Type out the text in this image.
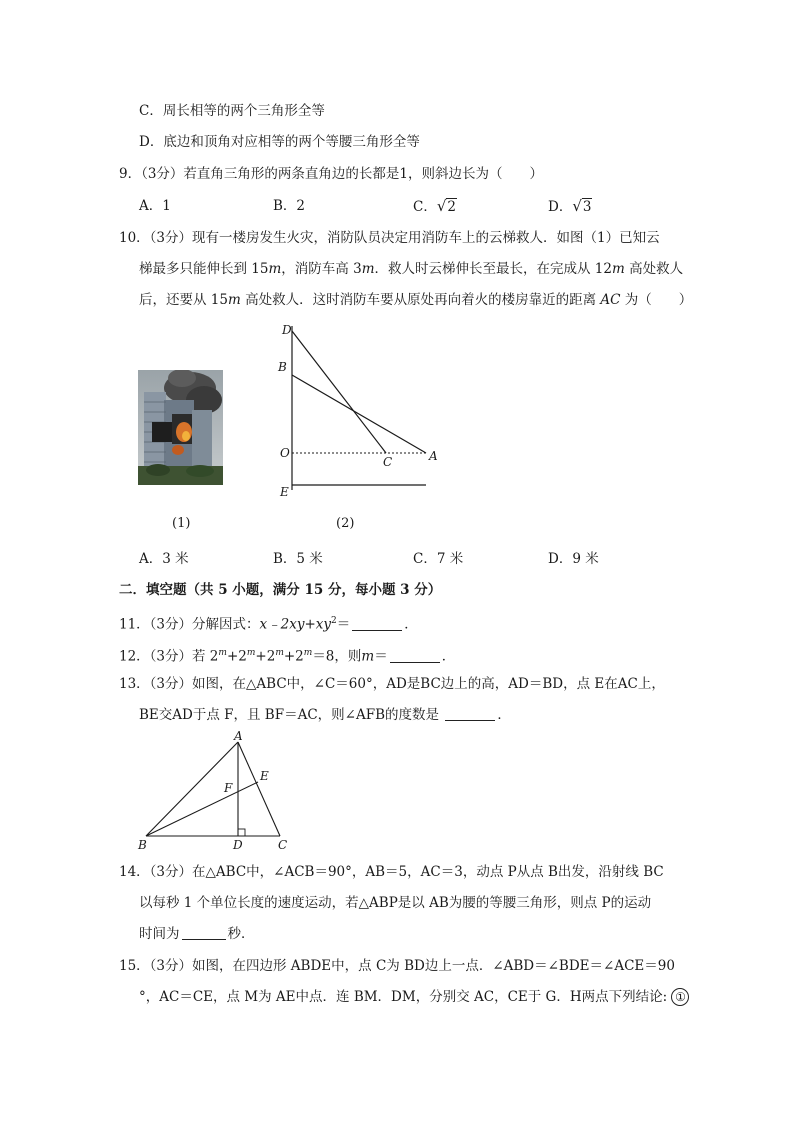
C．周长相等的两个三角形全等
D．底边和顶角对应相等的两个等腰三角形全等
9．（3分）若直角三角形的两条直角边的长都是1，则斜边长为（　　）
A．1	B．2	C．√2	D．√3
10．（3分）现有一楼房发生火灾，消防队员决定用消防车上的云梯救人．如图（1）已知云
梯最多只能伸长到 15m，消防车高 3m．救人时云梯伸长至最长，在完成从 12m 高处救人
后，还要从 15m 高处救人．这时消防车要从原处再向着火的楼房靠近的距离 AC 为（　　）
D
B
O
C	A
E
(1)	(2)
A．3 米	B．5 米	C．7 米	D．9 米
二．填空题（共 5 小题，满分 15 分，每小题 3 分）
11．（3分）分解因式：$x﹣2xy+xy^2=$	．
12．（3分）若 $2^m+2^m+2^m+2^m=8$，则m＝	．
13．（3分）如图，在△ABC中，∠C＝60°，AD是BC边上的高，AD＝BD，点 E在AC上，
BE交AD于点 F，且 BF＝AC，则∠AFB的度数是	．
A
E
F
B	D	C
14．（3分）在△ABC中，∠ACB＝90°，AB＝5，AC＝3，动点 P从点 B出发，沿射线 BC
以每秒 1 个单位长度的速度运动，若△ABP是以 AB为腰的等腰三角形，则点 P的运动
时间为	秒．
15．（3分）如图，在四边形 ABDE中，点 C为 BD边上一点．∠ABD＝∠BDE＝∠ACE＝90
°，AC＝CE，点 M为 AE中点．连 BM．DM，分别交 AC，CE于 G．H两点下列结论: ①
